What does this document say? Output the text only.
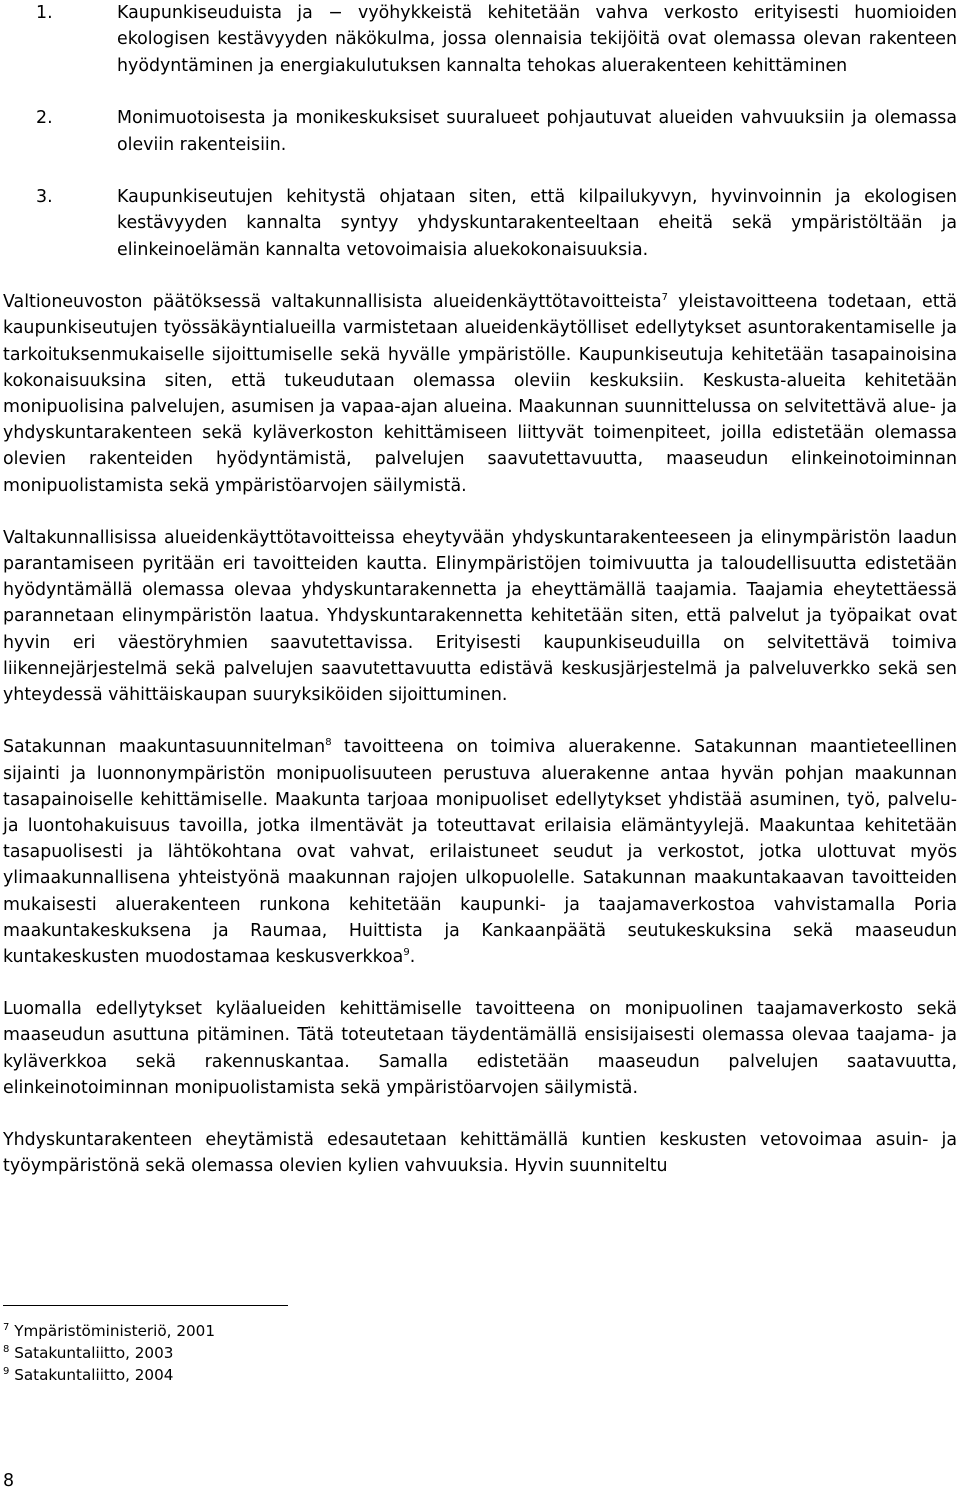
1.	Kaupunkiseuduista ja − vyöhykkeistä kehitetään vahva verkosto erityisesti huomioiden ekologisen kestävyyden näkökulma, jossa olennaisia tekijöitä ovat olemassa olevan rakenteen hyödyntäminen ja energiakulutuksen kannalta tehokas aluerakenteen kehittäminen
2.	Monimuotoisesta ja monikeskuksiset suuralueet pohjautuvat alueiden vahvuuksiin ja olemassa oleviin rakenteisiin.
3.	Kaupunkiseutujen kehitystä ohjataan siten, että kilpailukyvyn, hyvinvoinnin ja ekologisen kestävyyden kannalta syntyy yhdyskuntarakenteeltaan eheitä sekä ympäristöltään ja elinkeinoelämän kannalta vetovoimaisia aluekokonaisuuksia.

Valtioneuvoston päätöksessä valtakunnallisista alueidenkäyttötavoitteista$^7$ yleistavoitteena todetaan, että kaupunkiseutujen työssäkäyntialueilla varmistetaan alueidenkäytölliset edellytykset asuntorakentamiselle ja tarkoituksenmukaiselle sijoittumiselle sekä hyvälle ympäristölle. Kaupunkiseutuja kehitetään tasapainoisina kokonaisuuksina siten, että tukeudutaan olemassa oleviin keskuksiin. Keskusta-alueita kehitetään monipuolisina palvelujen, asumisen ja vapaa-ajan alueina. Maakunnan suunnittelussa on selvitettävä alue- ja yhdyskuntarakenteen sekä kyläverkoston kehittämiseen liittyvät toimenpiteet, joilla edistetään olemassa olevien rakenteiden hyödyntämistä, palvelujen saavutettavuutta, maaseudun elinkeinotoiminnan monipuolistamista sekä ympäristöarvojen säilymistä.

Valtakunnallisissa alueidenkäyttötavoitteissa eheytyvään yhdyskuntarakenteeseen ja elinympäristön laadun parantamiseen pyritään eri tavoitteiden kautta. Elinympäristöjen toimivuutta ja taloudellisuutta edistetään hyödyntämällä olemassa olevaa yhdyskuntarakennetta ja eheyttämällä taajamia. Taajamia eheytettäessä parannetaan elinympäristön laatua. Yhdyskuntarakennetta kehitetään siten, että palvelut ja työpaikat ovat hyvin eri väestöryhmien saavutettavissa. Erityisesti kaupunkiseuduilla on selvitettävä toimiva liikennejärjestelmä sekä palvelujen saavutettavuutta edistävä keskusjärjestelmä ja palveluverkko sekä sen yhteydessä vähittäiskaupan suuryksiköiden sijoittuminen.

Satakunnan maakuntasuunnitelman$^8$ tavoitteena on toimiva aluerakenne. Satakunnan maantieteellinen sijainti ja luonnonympäristön monipuolisuuteen perustuva aluerakenne antaa hyvän pohjan maakunnan tasapainoiselle kehittämiselle. Maakunta tarjoaa monipuoliset edellytykset yhdistää asuminen, työ, palvelu- ja luontohakuisuus tavoilla, jotka ilmentävät ja toteuttavat erilaisia elämäntyylejä. Maakuntaa kehitetään tasapuolisesti ja lähtökohtana ovat vahvat, erilaistuneet seudut ja verkostot, jotka ulottuvat myös ylimaakunnallisena yhteistyönä maakunnan rajojen ulkopuolelle. Satakunnan maakuntakaavan tavoitteiden mukaisesti aluerakenteen runkona kehitetään kaupunki- ja taajamaverkostoa vahvistamalla Poria maakuntakeskuksena ja Raumaa, Huittista ja Kankaanpäätä seutukeskuksina sekä maaseudun kuntakeskusten muodostamaa keskusverkkoa$^9$.

Luomalla edellytykset kyläalueiden kehittämiselle tavoitteena on monipuolinen taajamaverkosto sekä maaseudun asuttuna pitäminen. Tätä toteutetaan täydentämällä ensisijaisesti olemassa olevaa taajama- ja kyläverkkoa sekä rakennuskantaa. Samalla edistetään maaseudun palvelujen saatavuutta, elinkeinotoiminnan monipuolistamista sekä ympäristöarvojen säilymistä.

Yhdyskuntarakenteen eheytämistä edesautetaan kehittämällä kuntien keskusten vetovoimaa asuin- ja työympäristönä sekä olemassa olevien kylien vahvuuksia. Hyvin suunniteltu

$^7$ Ympäristöministeriö, 2001
$^8$ Satakuntaliitto, 2003
$^9$ Satakuntaliitto, 2004
8
